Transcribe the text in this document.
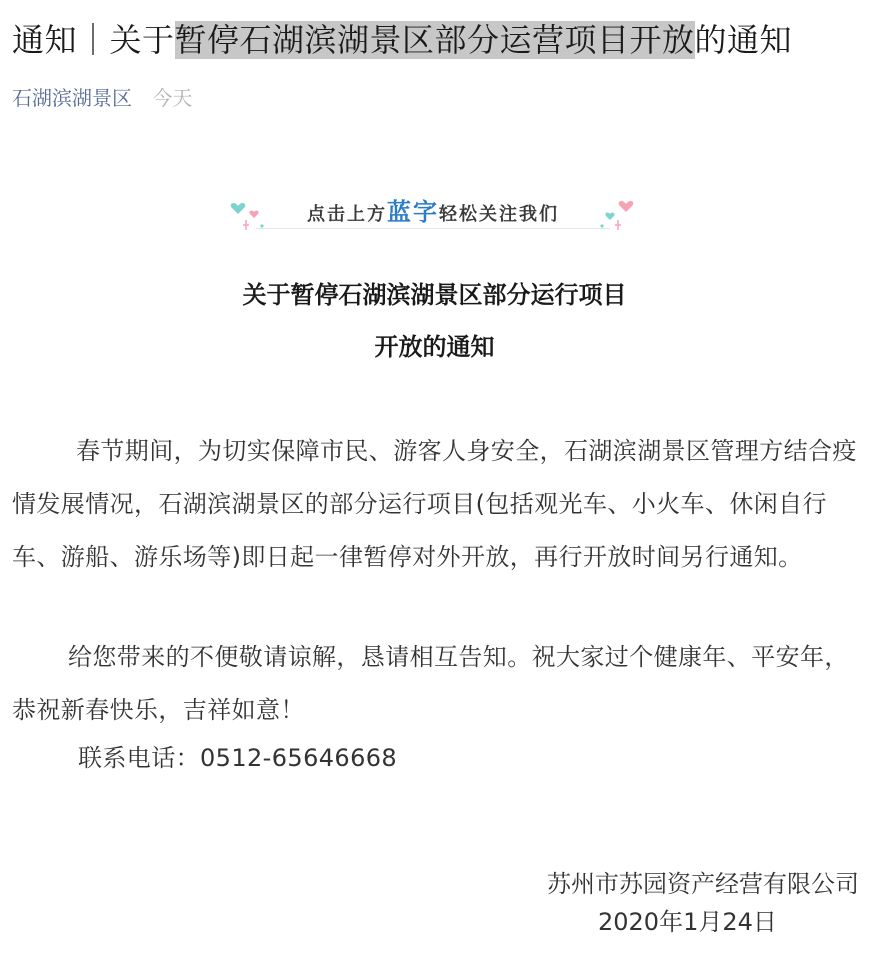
通知｜关于暂停石湖滨湖景区部分运营项目开放的通知
石湖滨湖景区 今天
点击上方蓝字轻松关注我们
关于暂停石湖滨湖景区部分运行项目
开放的通知
春节期间，为切实保障市民、游客人身安全，石湖滨湖景区管理方结合疫情发展情况，石湖滨湖景区的部分运行项目(包括观光车、小火车、休闲自行车、游船、游乐场等)即日起一律暂停对外开放，再行开放时间另行通知。
给您带来的不便敬请谅解，恳请相互告知。祝大家过个健康年、平安年，恭祝新春快乐，吉祥如意！
联系电话：0512-65646668
苏州市苏园资产经营有限公司
2020年1月24日
